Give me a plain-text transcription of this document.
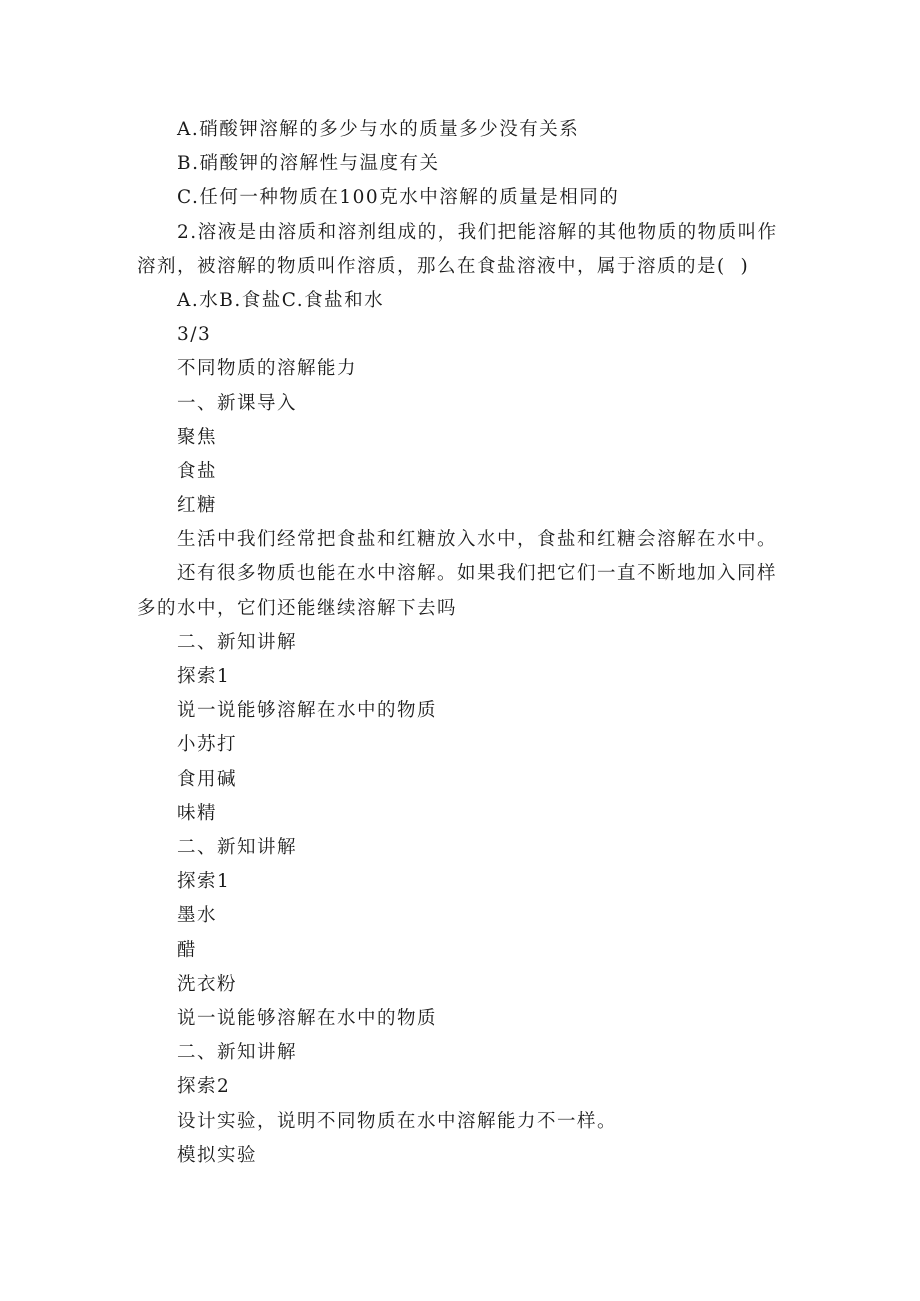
A.硝酸钾溶解的多少与水的质量多少没有关系
B.硝酸钾的溶解性与温度有关
C.任何一种物质在100克水中溶解的质量是相同的
2.溶液是由溶质和溶剂组成的，我们把能溶解的其他物质的物质叫作溶剂，被溶解的物质叫作溶质，那么在食盐溶液中，属于溶质的是(  )
A.水B.食盐C.食盐和水
3/3
不同物质的溶解能力
一、新课导入
聚焦
食盐
红糖
生活中我们经常把食盐和红糖放入水中，食盐和红糖会溶解在水中。
还有很多物质也能在水中溶解。如果我们把它们一直不断地加入同样多的水中，它们还能继续溶解下去吗
二、新知讲解
探索1
说一说能够溶解在水中的物质
小苏打
食用碱
味精
二、新知讲解
探索1
墨水
醋
洗衣粉
说一说能够溶解在水中的物质
二、新知讲解
探索2
设计实验，说明不同物质在水中溶解能力不一样。
模拟实验
